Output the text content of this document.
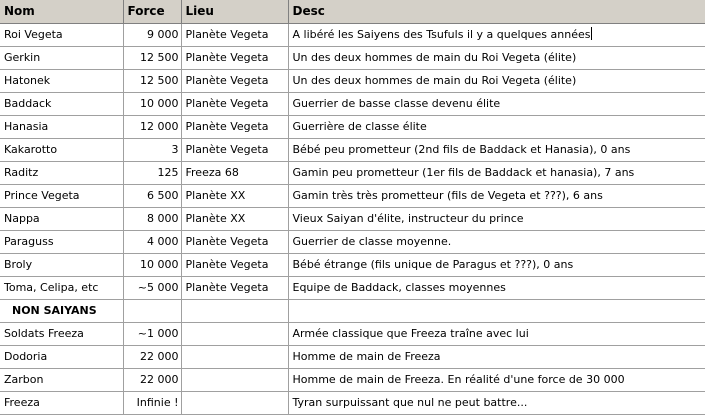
Nom	Force	Lieu	Desc
Roi Vegeta	9 000	Planète Vegeta	A libéré les Saiyens des Tsufuls il y a quelques années
Gerkin	12 500	Planète Vegeta	Un des deux hommes de main du Roi Vegeta (élite)
Hatonek	12 500	Planète Vegeta	Un des deux hommes de main du Roi Vegeta (élite)
Baddack	10 000	Planète Vegeta	Guerrier de basse classe devenu élite
Hanasia	12 000	Planète Vegeta	Guerrière de classe élite
Kakarotto	3	Planète Vegeta	Bébé peu prometteur (2nd fils de Baddack et Hanasia), 0 ans
Raditz	125	Freeza 68	Gamin peu prometteur (1er fils de Baddack et hanasia), 7 ans
Prince Vegeta	6 500	Planète XX	Gamin très très prometteur (fils de Vegeta et ???), 6 ans
Nappa	8 000	Planète XX	Vieux Saiyan d'élite, instructeur du prince
Paraguss	4 000	Planète Vegeta	Guerrier de classe moyenne.
Broly	10 000	Planète Vegeta	Bébé étrange (fils unique de Paragus et ???), 0 ans
Toma, Celipa, etc	~5 000	Planète Vegeta	Equipe de Baddack, classes moyennes
NON SAIYANS			
Soldats Freeza	~1 000		Armée classique que Freeza traîne avec lui
Dodoria	22 000		Homme de main de Freeza
Zarbon	22 000		Homme de main de Freeza. En réalité d'une force de 30 000
Freeza	Infinie !		Tyran surpuissant que nul ne peut battre...
